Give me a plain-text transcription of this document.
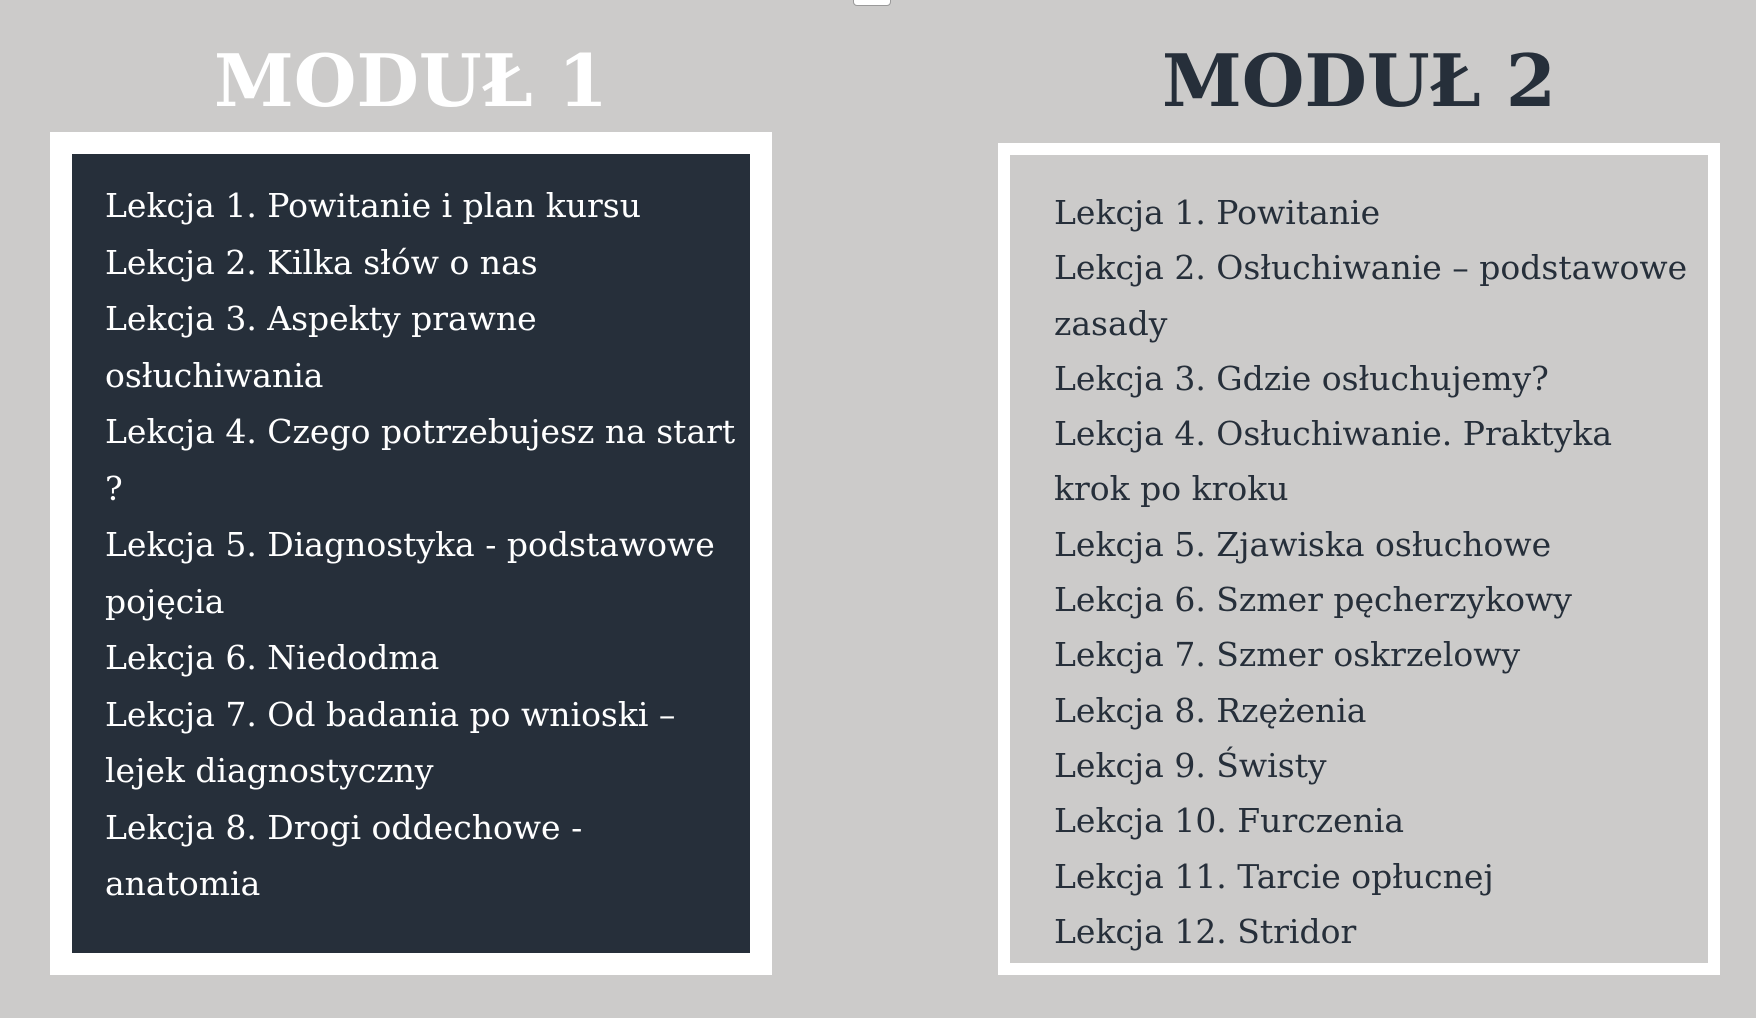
MODUŁ 1
Lekcja 1. Powitanie i plan kursu
Lekcja 2. Kilka słów o nas
Lekcja 3. Aspekty prawne osłuchiwania
Lekcja 4. Czego potrzebujesz na start ?
Lekcja 5. Diagnostyka - podstawowe pojęcia
Lekcja 6. Niedodma
Lekcja 7. Od badania po wnioski – lejek diagnostyczny
Lekcja 8. Drogi oddechowe - anatomia
MODUŁ 2
Lekcja 1. Powitanie
Lekcja 2. Osłuchiwanie – podstawowe zasady
Lekcja 3. Gdzie osłuchujemy?
Lekcja 4. Osłuchiwanie. Praktyka krok po kroku
Lekcja 5. Zjawiska osłuchowe
Lekcja 6. Szmer pęcherzykowy
Lekcja 7. Szmer oskrzelowy
Lekcja 8. Rzężenia
Lekcja 9. Świsty
Lekcja 10. Furczenia
Lekcja 11. Tarcie opłucnej
Lekcja 12. Stridor
